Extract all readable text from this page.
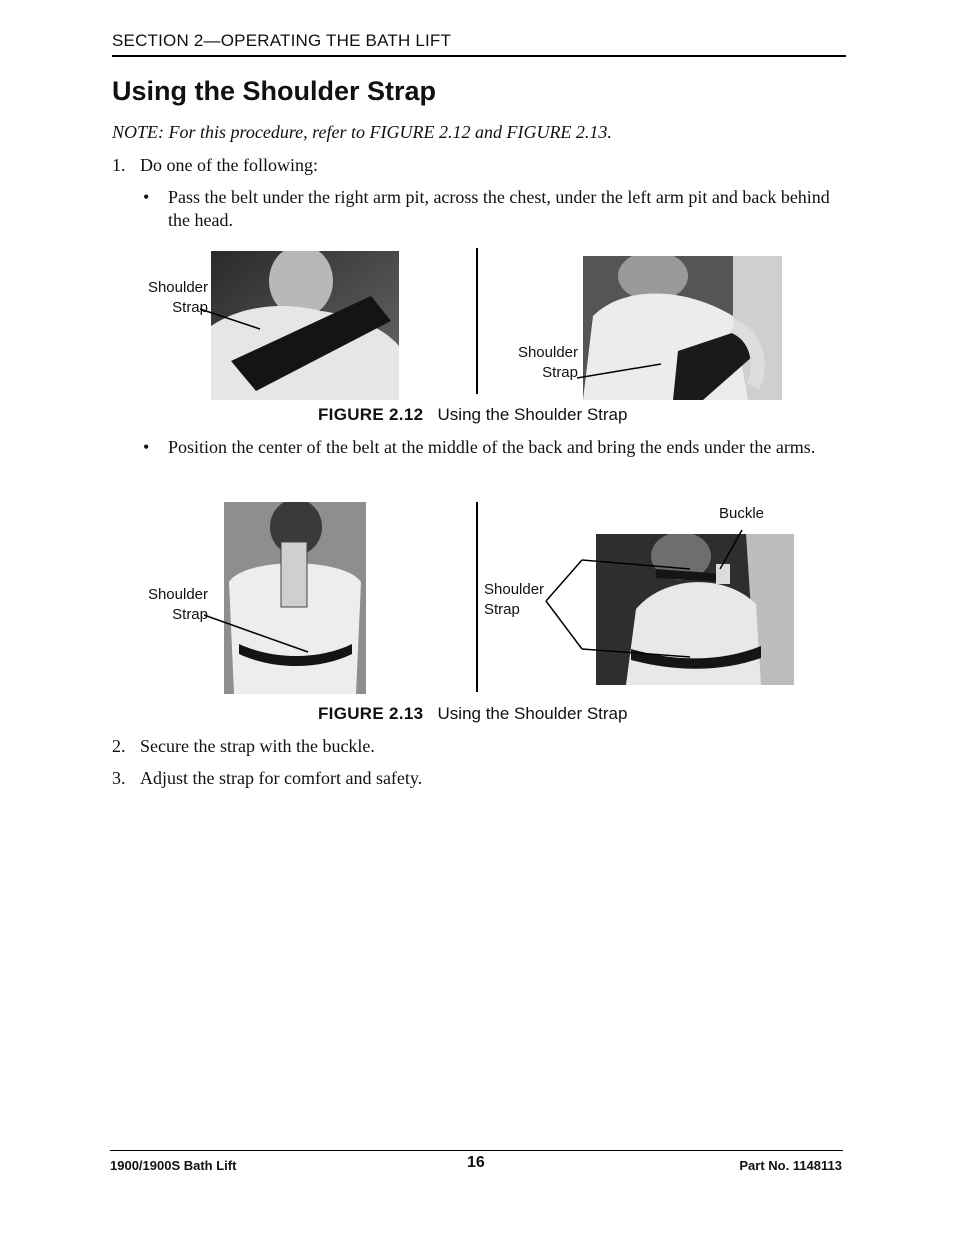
SECTION 2—OPERATING THE BATH LIFT
Using the Shoulder Strap
NOTE: For this procedure, refer to FIGURE 2.12 and FIGURE 2.13.
1. Do one of the following:
• Pass the belt under the right arm pit, across the chest, under the left arm pit and back behind the head.
Shoulder
Strap
Shoulder
Strap
FIGURE 2.12 Using the Shoulder Strap
• Position the center of the belt at the middle of the back and bring the ends under the arms.
Shoulder
Strap
Buckle
Shoulder
Strap
FIGURE 2.13 Using the Shoulder Strap
2. Secure the strap with the buckle.
3. Adjust the strap for comfort and safety.
1900/1900S Bath Lift	16	Part No. 1148113
